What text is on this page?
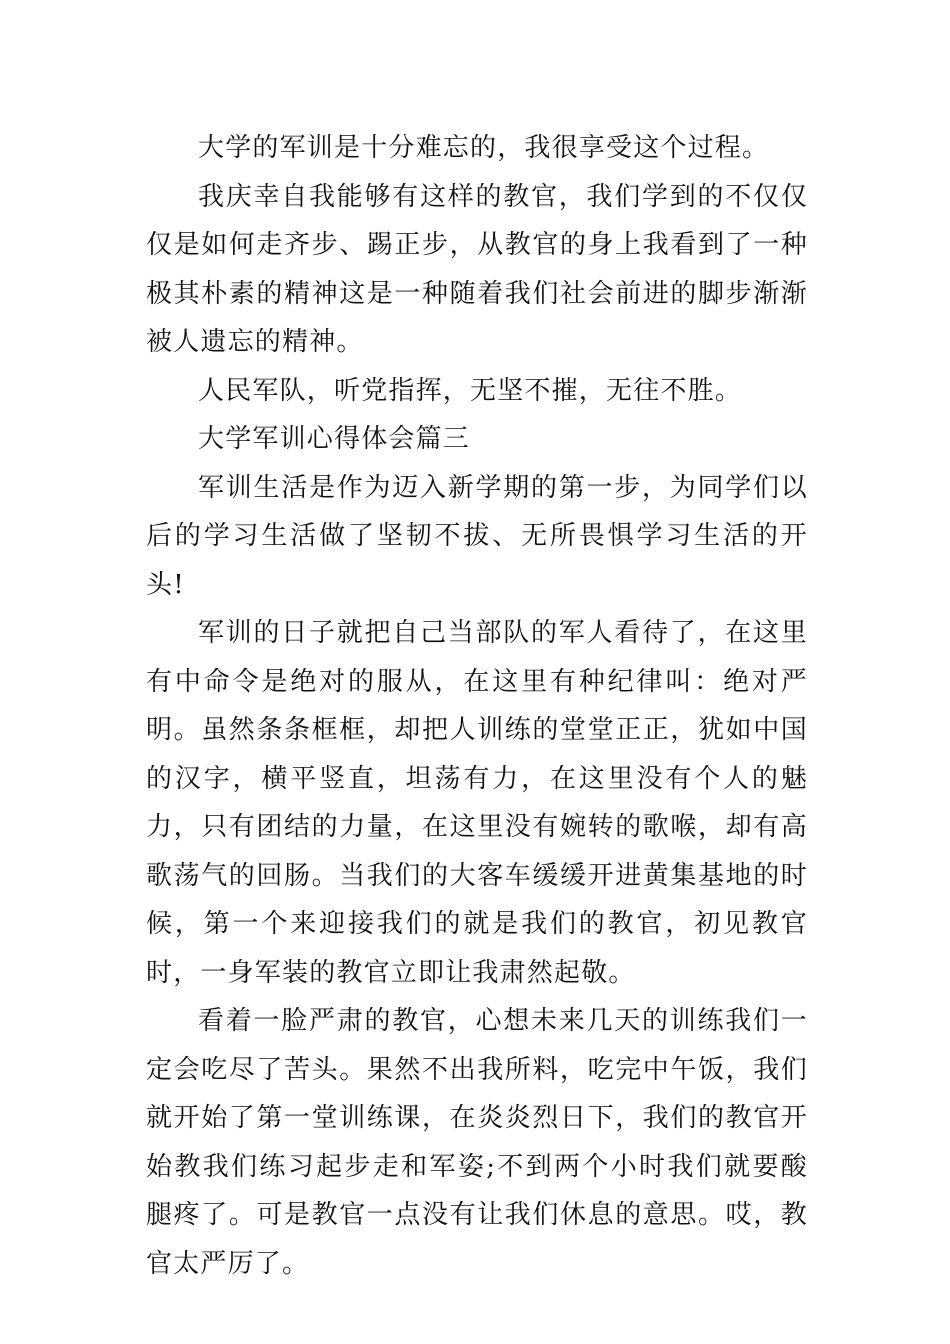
大学的军训是十分难忘的，我很享受这个过程。

我庆幸自我能够有这样的教官，我们学到的不仅仅仅是如何走齐步、踢正步，从教官的身上我看到了一种极其朴素的精神这是一种随着我们社会前进的脚步渐渐被人遗忘的精神。

人民军队，听党指挥，无坚不摧，无往不胜。

大学军训心得体会篇三

军训生活是作为迈入新学期的第一步，为同学们以后的学习生活做了坚韧不拔、无所畏惧学习生活的开头!

军训的日子就把自己当部队的军人看待了，在这里有中命令是绝对的服从，在这里有种纪律叫：绝对严明。虽然条条框框，却把人训练的堂堂正正，犹如中国的汉字，横平竖直，坦荡有力，在这里没有个人的魅力，只有团结的力量，在这里没有婉转的歌喉，却有高歌荡气的回肠。当我们的大客车缓缓开进黄集基地的时候，第一个来迎接我们的就是我们的教官，初见教官时，一身军装的教官立即让我肃然起敬。

看着一脸严肃的教官，心想未来几天的训练我们一定会吃尽了苦头。果然不出我所料，吃完中午饭，我们就开始了第一堂训练课，在炎炎烈日下，我们的教官开始教我们练习起步走和军姿;不到两个小时我们就要酸腿疼了。可是教官一点没有让我们休息的意思。哎，教官太严厉了。
